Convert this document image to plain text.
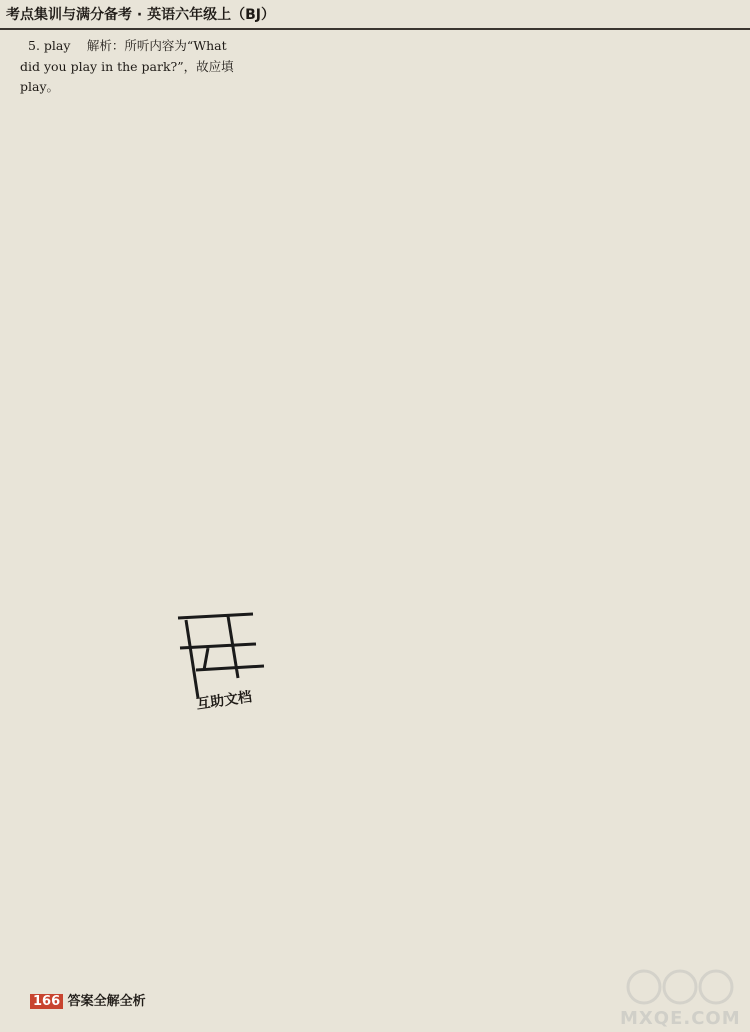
考点集训与满分备考 · 英语六年级上（BJ）
5. play　 解析：所听内容为“What
did you play in the park?”，故应填
play。
互助文档
166 答案全解全析
MXQE.COM
